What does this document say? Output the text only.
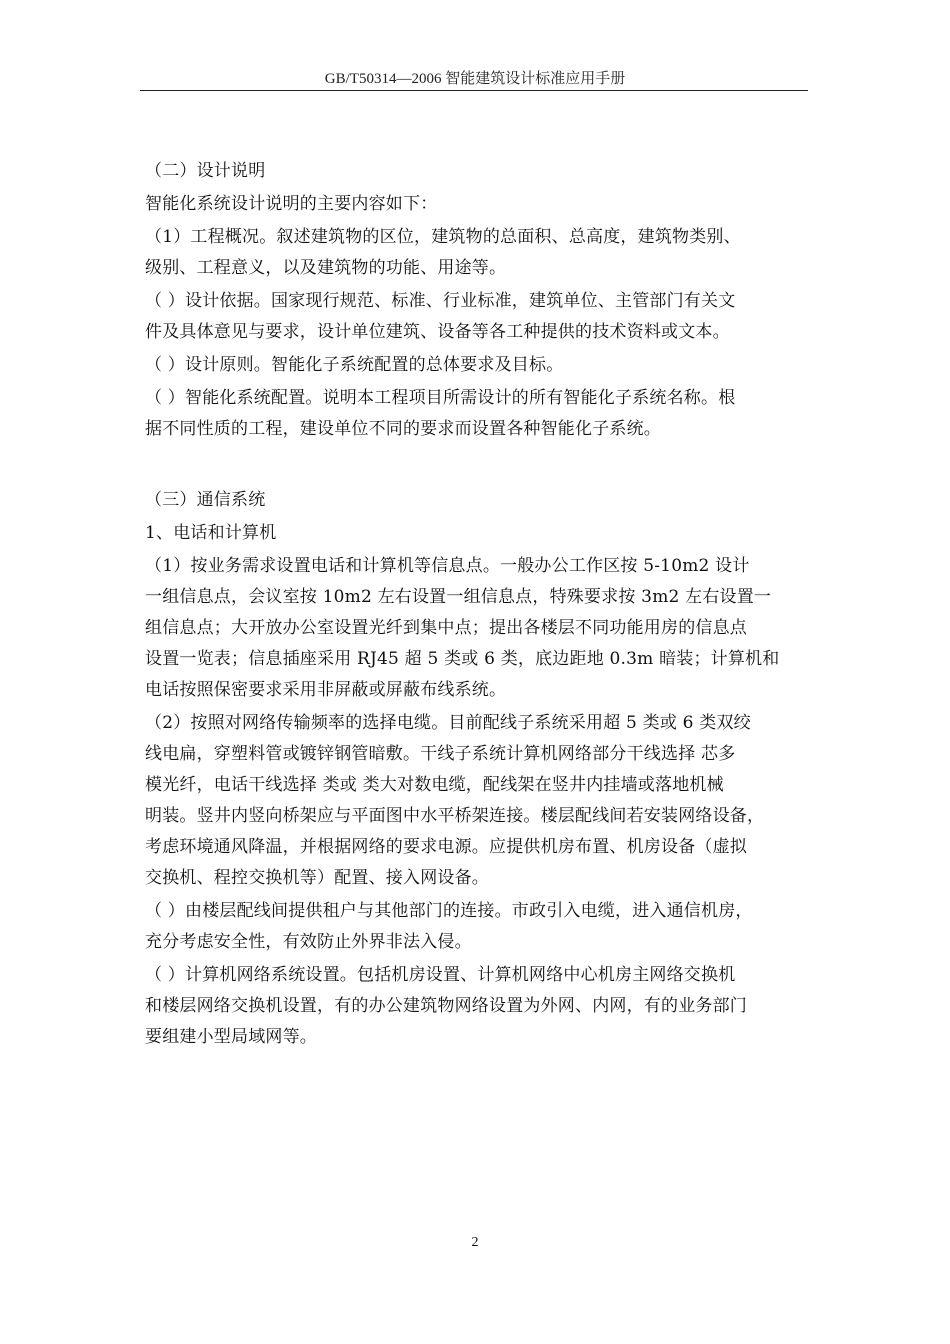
GB/T50314—2006 智能建筑设计标准应用手册

（二）设计说明

智能化系统设计说明的主要内容如下：

（1）工程概况。叙述建筑物的区位，建筑物的总面积、总高度，建筑物类别、
级别、工程意义，以及建筑物的功能、用途等。

（ ）设计依据。国家现行规范、标准、行业标准，建筑单位、主管部门有关文
件及具体意见与要求，设计单位建筑、设备等各工种提供的技术资料或文本。

（ ）设计原则。智能化子系统配置的总体要求及目标。

（ ）智能化系统配置。说明本工程项目所需设计的所有智能化子系统名称。根
据不同性质的工程，建设单位不同的要求而设置各种智能化子系统。

（三）通信系统

1、电话和计算机

（1）按业务需求设置电话和计算机等信息点。一般办公工作区按 5-10m2 设计
一组信息点，会议室按 10m2 左右设置一组信息点，特殊要求按 3m2 左右设置一
组信息点；大开放办公室设置光纤到集中点；提出各楼层不同功能用房的信息点
设置一览表；信息插座采用 RJ45 超 5 类或 6 类，底边距地 0.3m 暗装；计算机和
电话按照保密要求采用非屏蔽或屏蔽布线系统。

（2）按照对网络传输频率的选择电缆。目前配线子系统采用超 5 类或 6 类双绞
线电扁，穿塑料管或镀锌钢管暗敷。干线子系统计算机网络部分干线选择 芯多
模光纤，电话干线选择 类或 类大对数电缆，配线架在竖井内挂墙或落地机械
明装。竖井内竖向桥架应与平面图中水平桥架连接。楼层配线间若安装网络设备，
考虑环境通风降温，并根据网络的要求电源。应提供机房布置、机房设备（虚拟
交换机、程控交换机等）配置、接入网设备。

（ ）由楼层配线间提供租户与其他部门的连接。市政引入电缆，进入通信机房，
充分考虑安全性，有效防止外界非法入侵。

（ ）计算机网络系统设置。包括机房设置、计算机网络中心机房主网络交换机
和楼层网络交换机设置，有的办公建筑物网络设置为外网、内网，有的业务部门
要组建小型局域网等。

2
